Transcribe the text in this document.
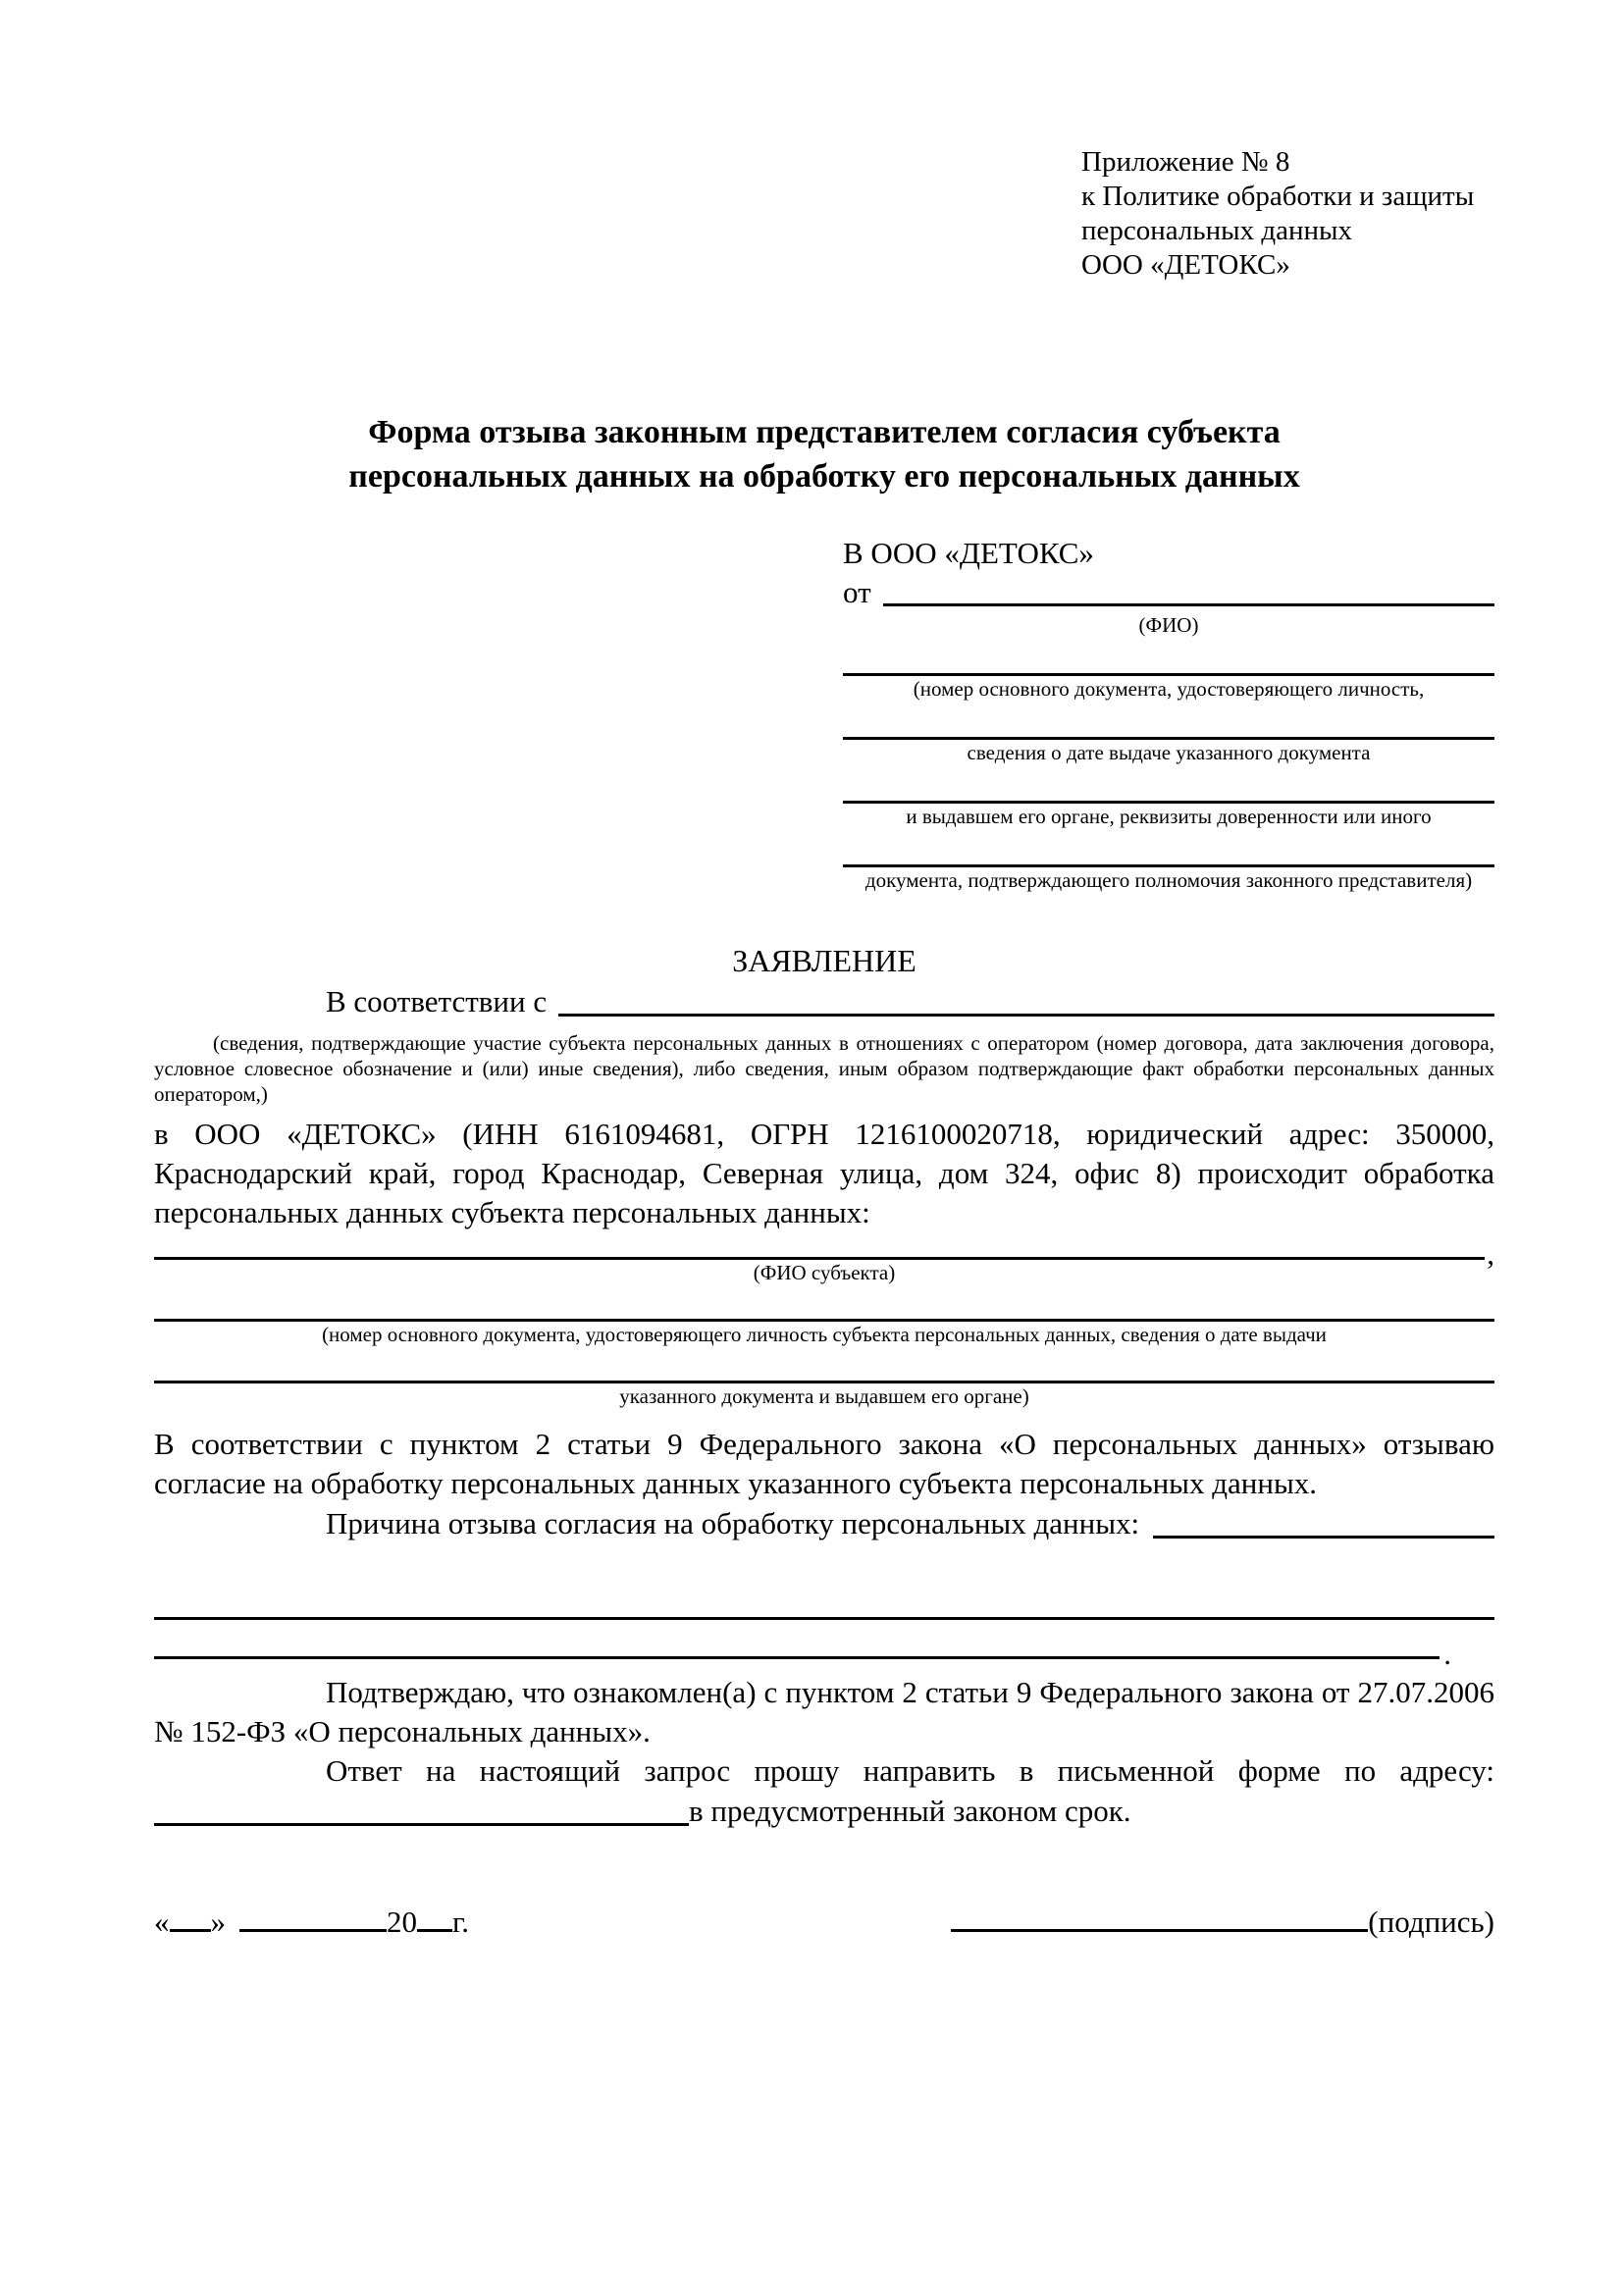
Приложение № 8
к Политике обработки и защиты
персональных данных
ООО «ДЕТОКС»
Форма отзыва законным представителем согласия субъекта
персональных данных на обработку его персональных данных
В ООО «ДЕТОКС»
от
(ФИО)
(номер основного документа, удостоверяющего личность,
сведения о дате выдаче указанного документа
и выдавшем его органе, реквизиты доверенности или иного
документа, подтверждающего полномочия законного представителя)
ЗАЯВЛЕНИЕ
В соответствии с
(сведения, подтверждающие участие субъекта персональных данных в отношениях с оператором (номер договора, дата заключения договора, условное словесное обозначение и (или) иные сведения), либо сведения, иным образом подтверждающие факт обработки персональных данных оператором,)
в ООО «ДЕТОКС» (ИНН 6161094681, ОГРН 1216100020718, юридический адрес: 350000, Краснодарский край, город Краснодар, Северная улица, дом 324, офис 8) происходит обработка персональных данных субъекта персональных данных:
,
(ФИО субъекта)
(номер основного документа, удостоверяющего личность субъекта персональных данных, сведения о дате выдачи
указанного документа и выдавшем его органе)
В соответствии с пунктом 2 статьи 9 Федерального закона «О персональных данных» отзываю согласие на обработку персональных данных указанного субъекта персональных данных.
Причина отзыва согласия на обработку персональных данных:
.
Подтверждаю, что ознакомлен(а) с пунктом 2 статьи 9 Федерального закона от 27.07.2006 № 152-ФЗ «О персональных данных».
Ответ на настоящий запрос прошу направить в письменной форме по адресу:
в предусмотренный законом срок.
« »	20 г.	(подпись)
